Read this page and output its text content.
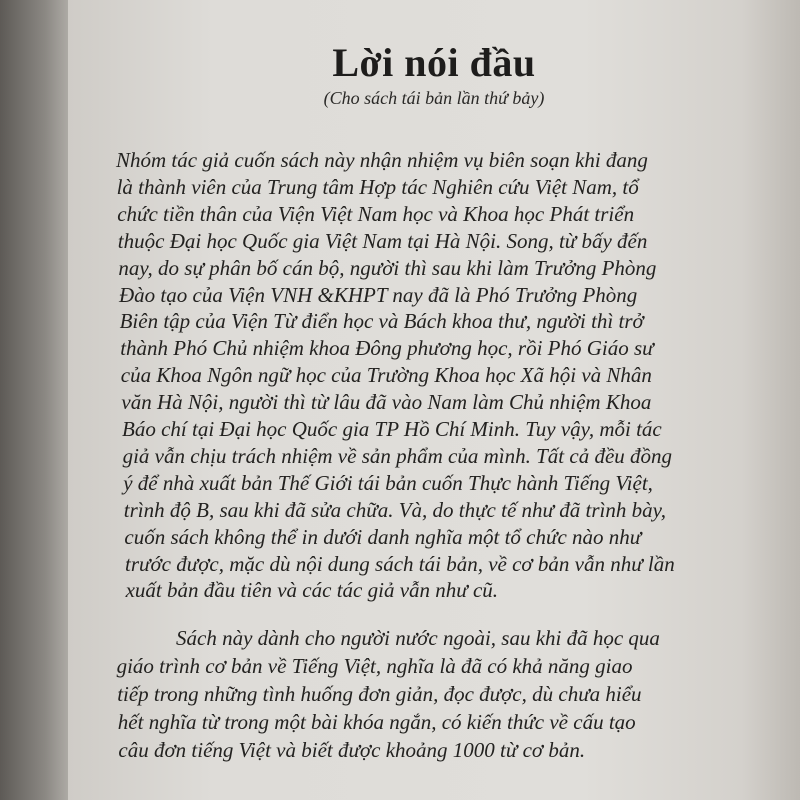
Lời nói đầu
(Cho sách tái bản lần thứ bảy)
Nhóm tác giả cuốn sách này nhận nhiệm vụ biên soạn khi đang
là thành viên của Trung tâm Hợp tác Nghiên cứu Việt Nam, tổ
chức tiền thân của Viện Việt Nam học và Khoa học Phát triển
thuộc Đại học Quốc gia Việt Nam tại Hà Nội. Song, từ bấy đến
nay, do sự phân bố cán bộ, người thì sau khi làm Trưởng Phòng
Đào tạo của Viện VNH &KHPT nay đã là Phó Trưởng Phòng
Biên tập của Viện Từ điển học và Bách khoa thư, người thì trở
thành Phó Chủ nhiệm khoa Đông phương học, rồi Phó Giáo sư
của Khoa Ngôn ngữ học của Trường Khoa học Xã hội và Nhân
văn Hà Nội, người thì từ lâu đã vào Nam làm Chủ nhiệm Khoa
Báo chí tại Đại học Quốc gia TP Hồ Chí Minh. Tuy vậy, mỗi tác
giả vẫn chịu trách nhiệm về sản phẩm của mình. Tất cả đều đồng
ý để nhà xuất bản Thế Giới tái bản cuốn Thực hành Tiếng Việt,
trình độ B, sau khi đã sửa chữa. Và, do thực tế như đã trình bày,
cuốn sách không thể in dưới danh nghĩa một tổ chức nào như
trước được, mặc dù nội dung sách tái bản, về cơ bản vẫn như lần
xuất bản đầu tiên và các tác giả vẫn như cũ.
Sách này dành cho người nước ngoài, sau khi đã học qua
giáo trình cơ bản về Tiếng Việt, nghĩa là đã có khả năng giao
tiếp trong những tình huống đơn giản, đọc được, dù chưa hiểu
hết nghĩa từ trong một bài khóa ngắn, có kiến thức về cấu tạo
câu đơn tiếng Việt và biết được khoảng 1000 từ cơ bản.
